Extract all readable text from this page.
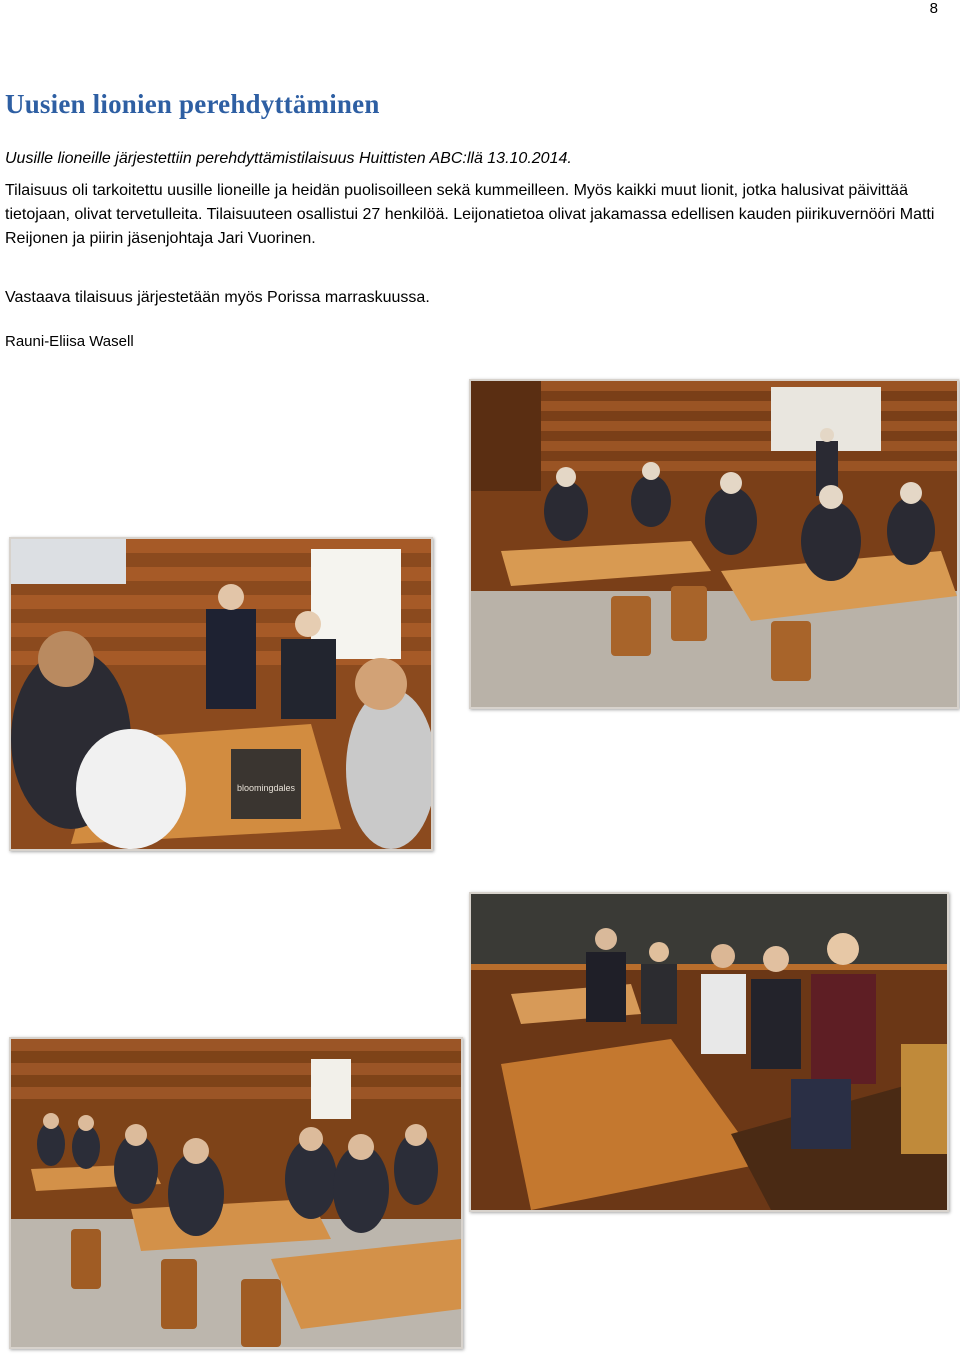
8
Uusien lionien perehdyttäminen

Uusille lioneille järjestettiin perehdyttämistilaisuus Huittisten ABC:llä 13.10.2014.

Tilaisuus oli tarkoitettu uusille lioneille ja heidän puolisoilleen sekä kummeilleen. Myös kaikki muut lionit, jotka halusivat päivittää tietojaan, olivat tervetulleita. Tilaisuuteen osallistui 27 henkilöä. Leijonatietoa olivat jakamassa edellisen kauden piirikuvernööri Matti Reijonen ja piirin jäsenjohtaja Jari Vuorinen.

Vastaava tilaisuus järjestetään myös Porissa marraskuussa.

Rauni-Eliisa Wasell

bloomingdales
